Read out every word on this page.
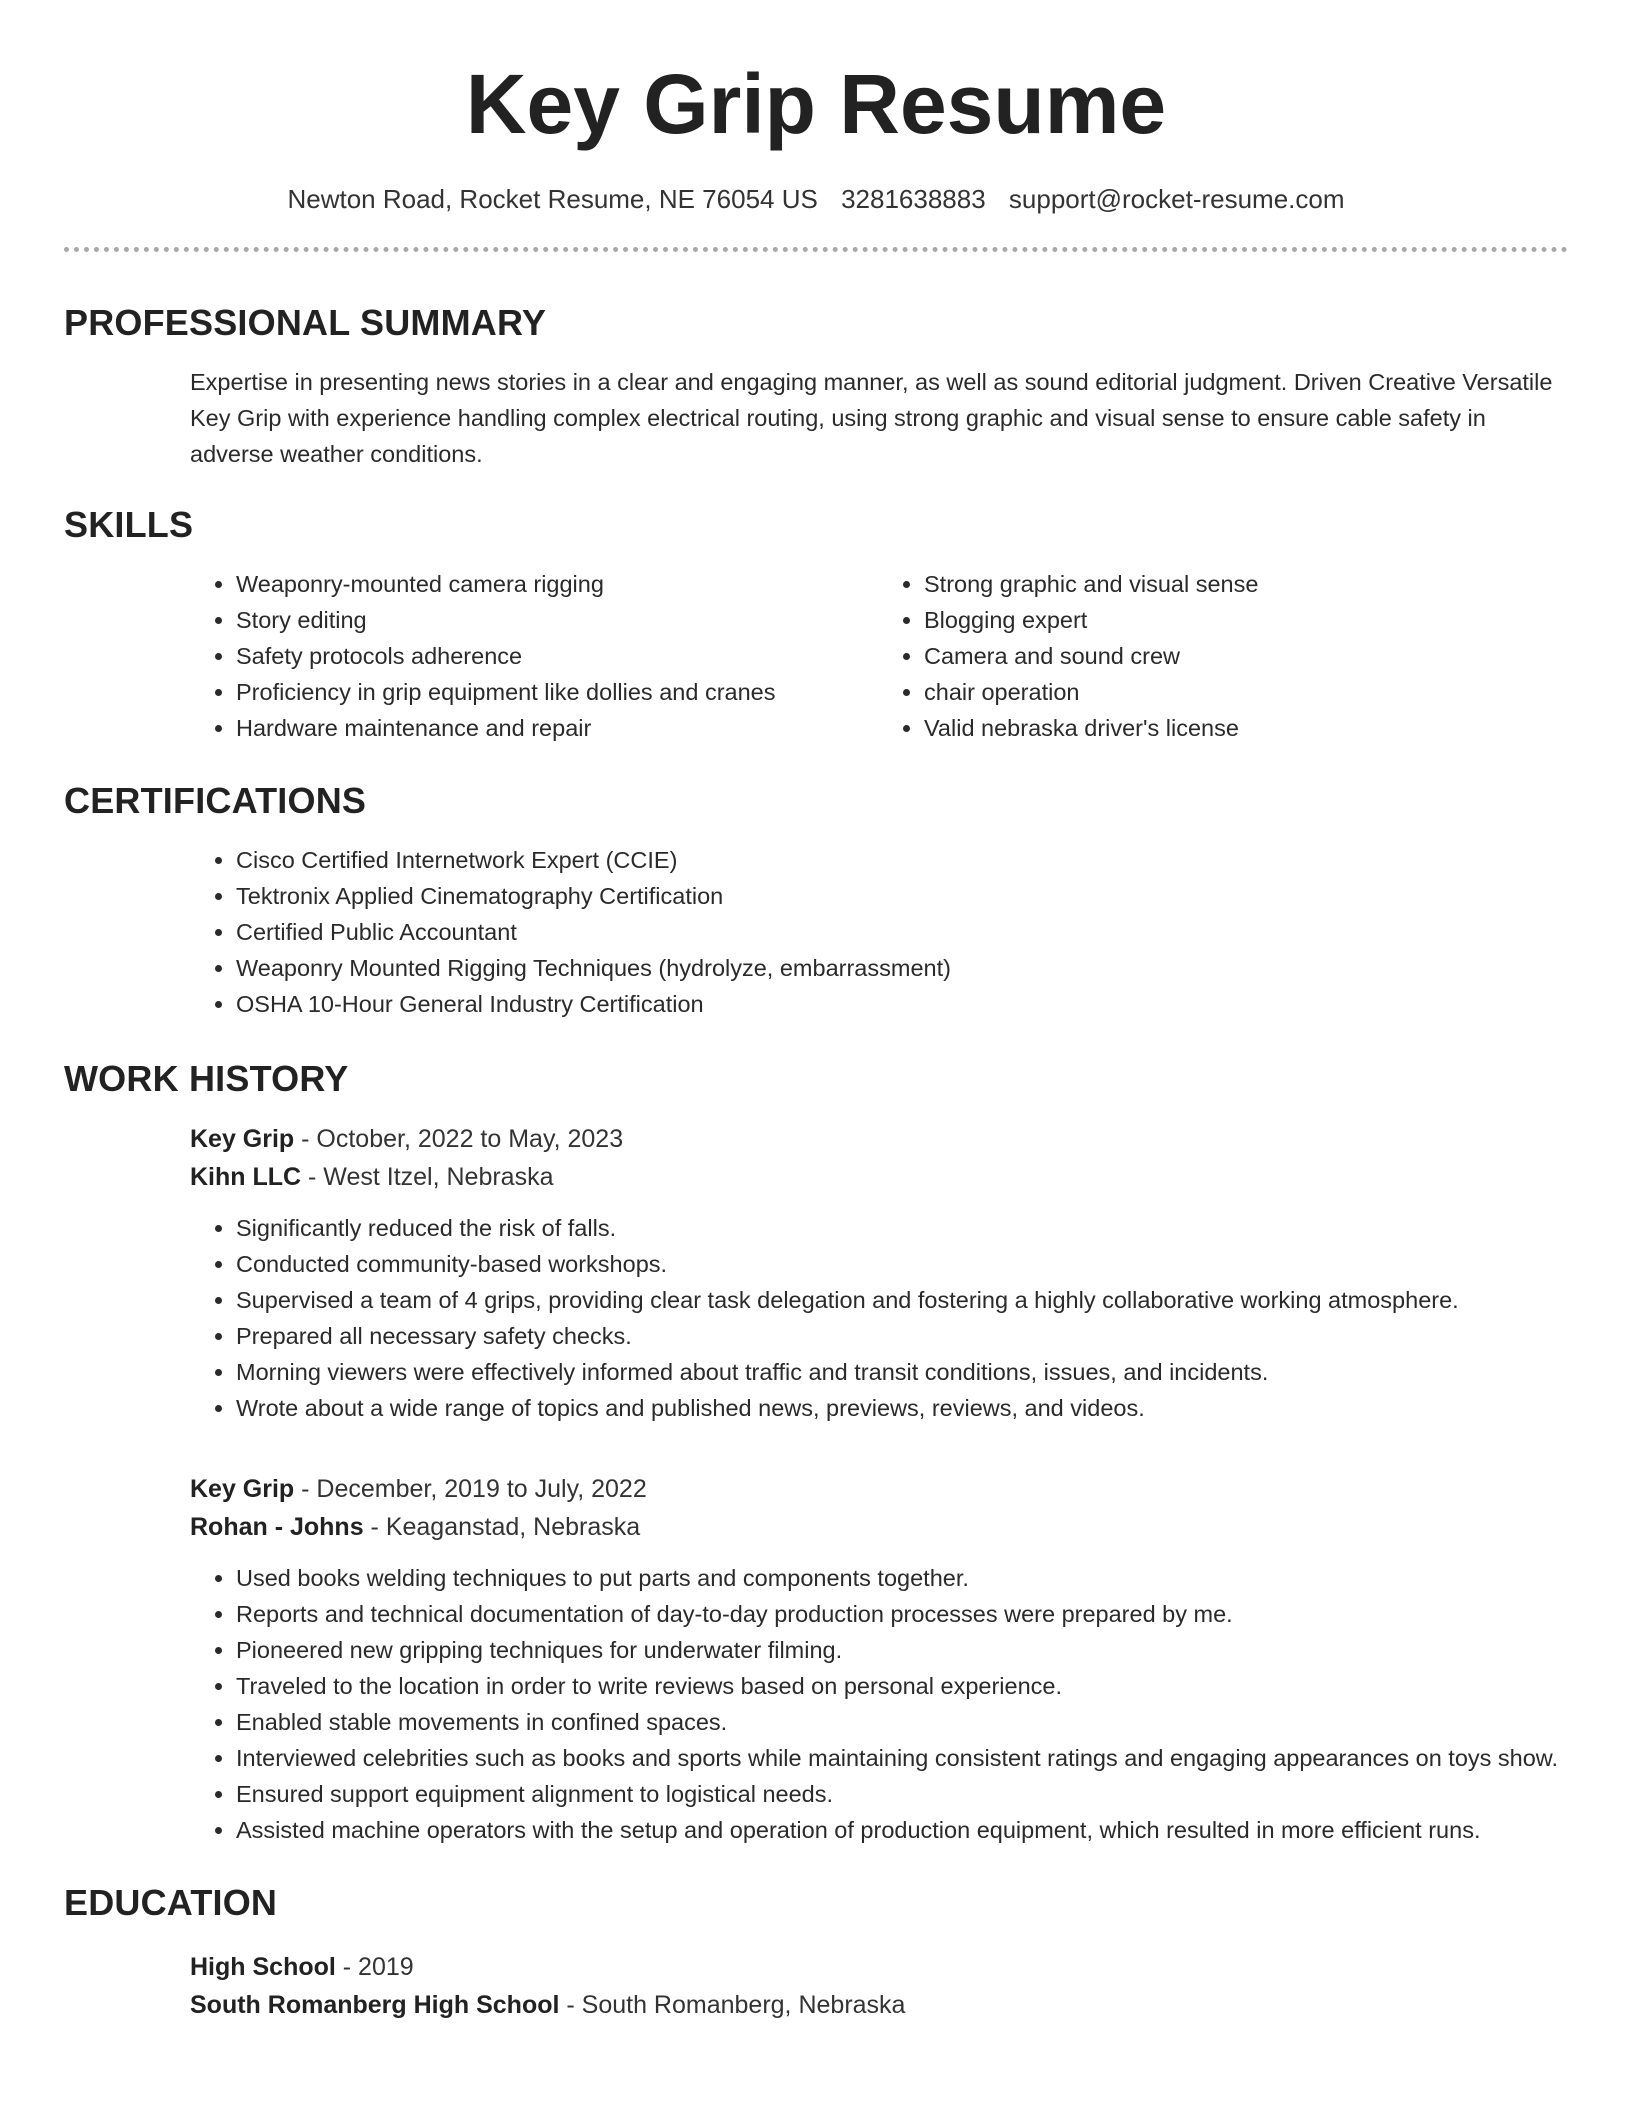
Key Grip Resume
Newton Road, Rocket Resume, NE 76054 US 3281638883 support@rocket-resume.com
PROFESSIONAL SUMMARY

Expertise in presenting news stories in a clear and engaging manner, as well as sound editorial judgment. Driven Creative Versatile Key Grip with experience handling complex electrical routing, using strong graphic and visual sense to ensure cable safety in adverse weather conditions.

SKILLS
• Weaponry-mounted camera rigging
• Story editing
• Safety protocols adherence
• Proficiency in grip equipment like dollies and cranes
• Hardware maintenance and repair
• Strong graphic and visual sense
• Blogging expert
• Camera and sound crew
• chair operation
• Valid nebraska driver's license
CERTIFICATIONS
• Cisco Certified Internetwork Expert (CCIE)
• Tektronix Applied Cinematography Certification
• Certified Public Accountant
• Weaponry Mounted Rigging Techniques (hydrolyze, embarrassment)
• OSHA 10-Hour General Industry Certification
WORK HISTORY
Key Grip - October, 2022 to May, 2023
Kihn LLC - West Itzel, Nebraska
• Significantly reduced the risk of falls.
• Conducted community-based workshops.
• Supervised a team of 4 grips, providing clear task delegation and fostering a highly collaborative working atmosphere.
• Prepared all necessary safety checks.
• Morning viewers were effectively informed about traffic and transit conditions, issues, and incidents.
• Wrote about a wide range of topics and published news, previews, reviews, and videos.
Key Grip - December, 2019 to July, 2022
Rohan - Johns - Keaganstad, Nebraska
• Used books welding techniques to put parts and components together.
• Reports and technical documentation of day-to-day production processes were prepared by me.
• Pioneered new gripping techniques for underwater filming.
• Traveled to the location in order to write reviews based on personal experience.
• Enabled stable movements in confined spaces.
• Interviewed celebrities such as books and sports while maintaining consistent ratings and engaging appearances on toys show.
• Ensured support equipment alignment to logistical needs.
• Assisted machine operators with the setup and operation of production equipment, which resulted in more efficient runs.
EDUCATION
High School - 2019
South Romanberg High School - South Romanberg, Nebraska
